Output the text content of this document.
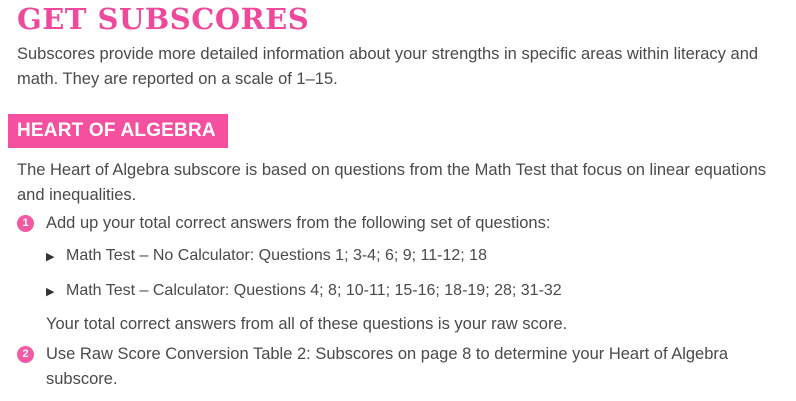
GET SUBSCORES
Subscores provide more detailed information about your strengths in specific areas within literacy and math. They are reported on a scale of 1–15.
HEART OF ALGEBRA
The Heart of Algebra subscore is based on questions from the Math Test that focus on linear equations and inequalities.
1	Add up your total correct answers from the following set of questions:
▶ Math Test – No Calculator: Questions 1; 3-4; 6; 9; 11-12; 18
▶ Math Test – Calculator: Questions 4; 8; 10-11; 15-16; 18-19; 28; 31-32
Your total correct answers from all of these questions is your raw score.
2	Use Raw Score Conversion Table 2: Subscores on page 8 to determine your Heart of Algebra subscore.
